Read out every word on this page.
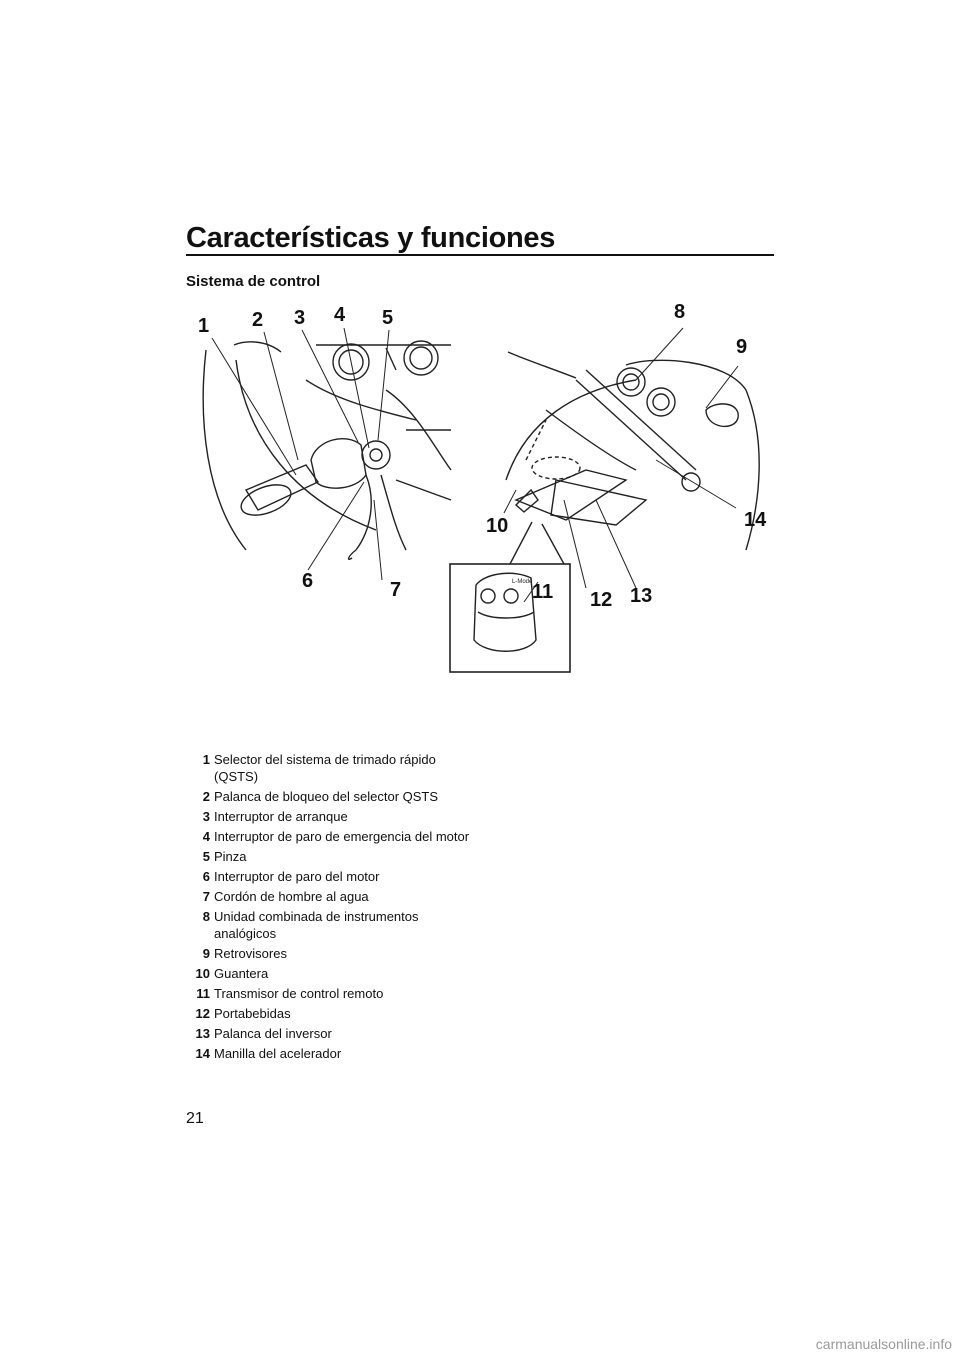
Características y funciones
Sistema de control
L-Mode
1 2 3 4 5
6	7
8
9
10
11 12 13
14
1 Selector del sistema de trimado rápido (QSTS)
2 Palanca de bloqueo del selector QSTS
3 Interruptor de arranque
4 Interruptor de paro de emergencia del motor
5 Pinza
6 Interruptor de paro del motor
7 Cordón de hombre al agua
8 Unidad combinada de instrumentos analógicos
9 Retrovisores
10 Guantera
11 Transmisor de control remoto
12 Portabebidas
13 Palanca del inversor
14 Manilla del acelerador
21
carmanualsonline.info
